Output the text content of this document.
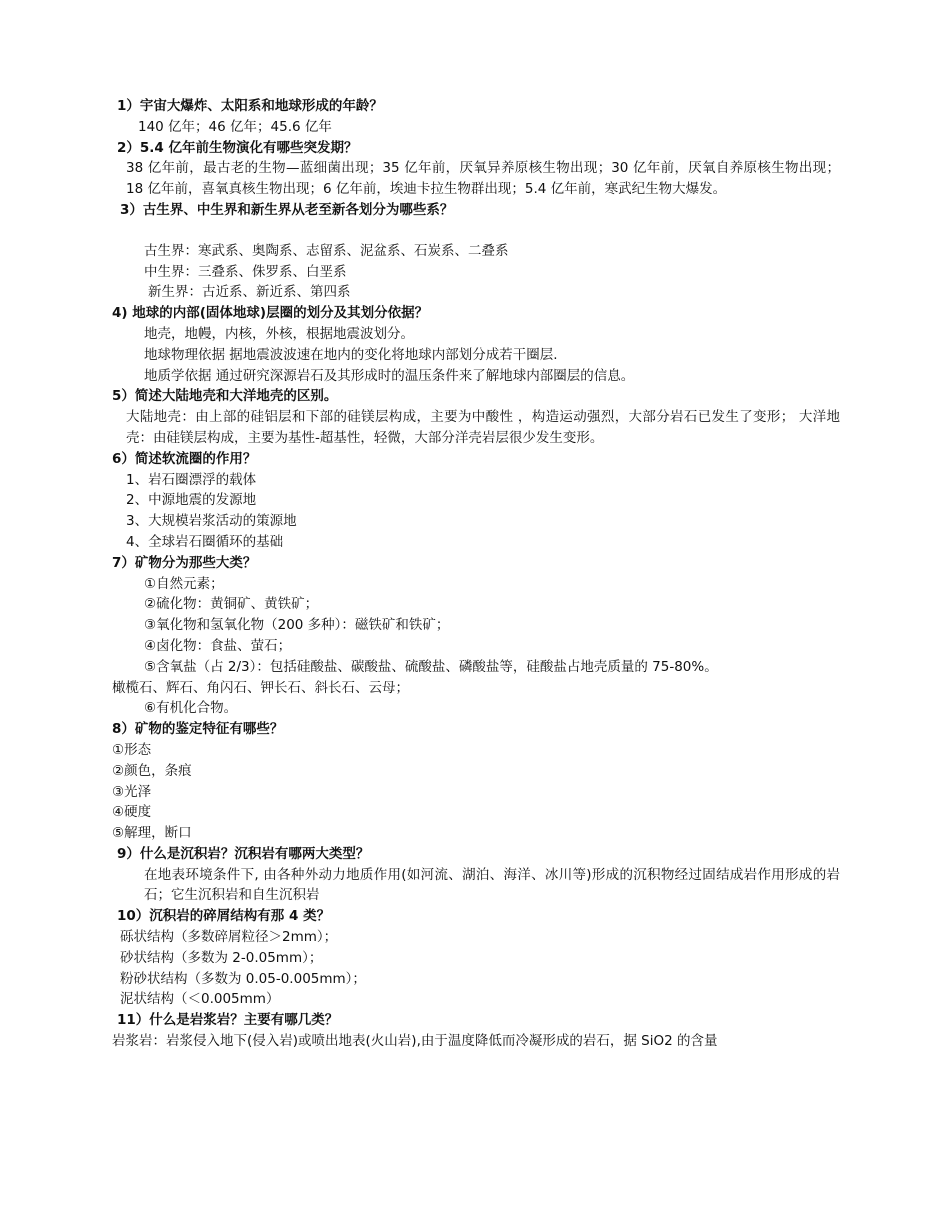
1）宇宙大爆炸、太阳系和地球形成的年龄？
140 亿年；46 亿年；45.6 亿年
2）5.4 亿年前生物演化有哪些突发期？
38 亿年前，最古老的生物—蓝细菌出现；35 亿年前，厌氧异养原核生物出现；30 亿年前，厌氧自养原核生物出现；18 亿年前，喜氧真核生物出现；6 亿年前，埃迪卡拉生物群出现；5.4 亿年前，寒武纪生物大爆发。
3）古生界、中生界和新生界从老至新各划分为哪些系？
古生界：寒武系、奥陶系、志留系、泥盆系、石炭系、二叠系
中生界：三叠系、侏罗系、白垩系
新生界：古近系、新近系、第四系
4) 地球的内部(固体地球)层圈的划分及其划分依据？
地壳，地幔，内核，外核，根据地震波划分。
地球物理依据 据地震波波速在地内的变化将地球内部划分成若干圈层.
地质学依据 通过研究深源岩石及其形成时的温压条件来了解地球内部圈层的信息。
5）简述大陆地壳和大洋地壳的区别。
大陆地壳：由上部的硅铝层和下部的硅镁层构成，主要为中酸性 ，构造运动强烈，大部分岩石已发生了变形； 大洋地壳：由硅镁层构成，主要为基性-超基性，轻微，大部分洋壳岩层很少发生变形。
6）简述软流圈的作用？
1、岩石圈漂浮的载体
2、中源地震的发源地
3、大规模岩浆活动的策源地
4、全球岩石圈循环的基础
7）矿物分为那些大类？
①自然元素；
②硫化物：黄铜矿、黄铁矿；
③氧化物和氢氧化物（200 多种）：磁铁矿和铁矿；
④卤化物：食盐、萤石；
⑤含氧盐（占 2/3）：包括硅酸盐、碳酸盐、硫酸盐、磷酸盐等，硅酸盐占地壳质量的 75-80%。
橄榄石、辉石、角闪石、钾长石、斜长石、云母；
⑥有机化合物。
8）矿物的鉴定特征有哪些？
①形态
②颜色，条痕
③光泽
④硬度
⑤解理，断口
9）什么是沉积岩？沉积岩有哪两大类型？
在地表环境条件下, 由各种外动力地质作用(如河流、湖泊、海洋、冰川等)形成的沉积物经过固结成岩作用形成的岩石；它生沉积岩和自生沉积岩
10）沉积岩的碎屑结构有那 4 类？
砾状结构（多数碎屑粒径＞2mm）；
砂状结构（多数为 2-0.05mm）；
粉砂状结构（多数为 0.05-0.005mm）；
泥状结构（＜0.005mm）
11）什么是岩浆岩？主要有哪几类？
岩浆岩：岩浆侵入地下(侵入岩)或喷出地表(火山岩),由于温度降低而冷凝形成的岩石，据 SiO2 的含量
